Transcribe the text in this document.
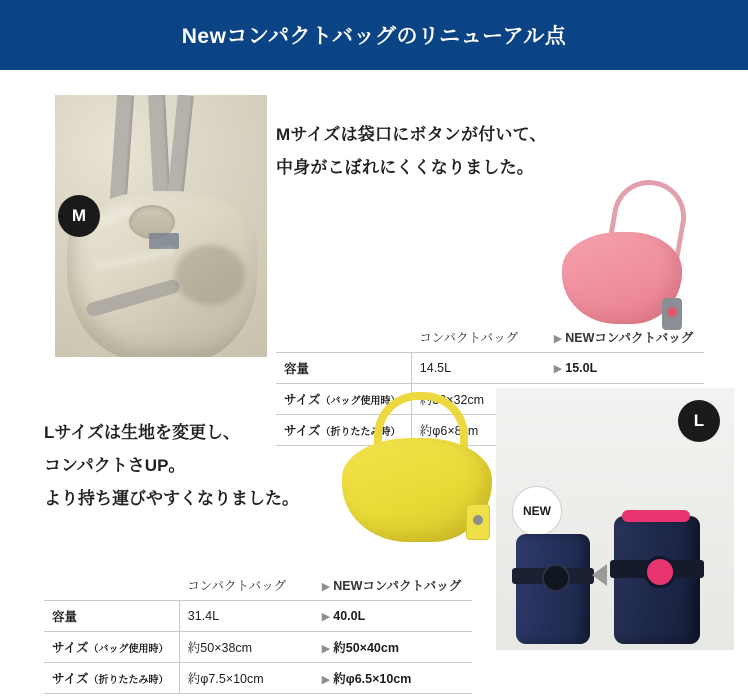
Newコンパクトバッグのリニューアル点
M
Mサイズは袋口にボタンが付いて、
中身がこぼれにくくなりました。
	コンパクトバッグ	▶ NEWコンパクトバッグ
容量	14.5L	▶ 15.0L
サイズ（バッグ使用時）	約30×32cm	
サイズ（折りたたみ時）	約φ6×8cm	
Lサイズは生地を変更し、
コンパクトさUP。
より持ち運びやすくなりました。
L
NEW
	コンパクトバッグ	▶ NEWコンパクトバッグ
容量	31.4L	▶ 40.0L
サイズ（バッグ使用時）	約50×38cm	▶ 約50×40cm
サイズ（折りたたみ時）	約φ7.5×10cm	▶ 約φ6.5×10cm
